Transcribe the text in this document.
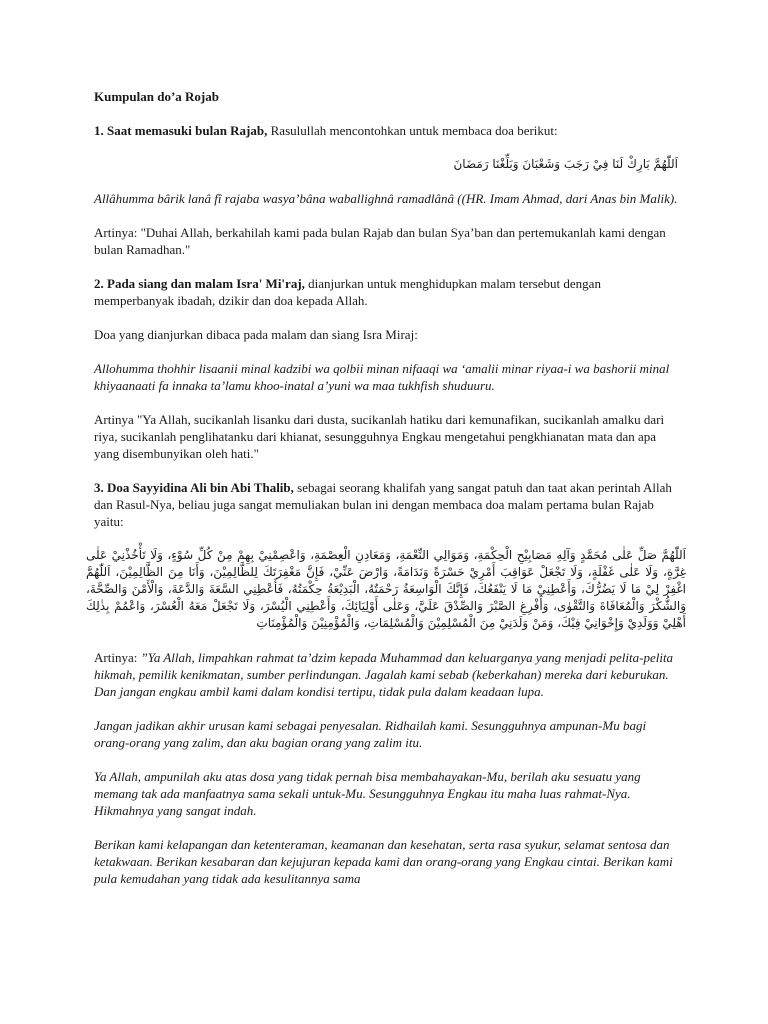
Kumpulan do’a Rojab

1. Saat memasuki bulan Rajab, Rasulullah mencontohkan untuk membaca doa berikut:

اَللّٰهُمَّ بَارِكْ لَنَا فِيْ رَجَبَ وَشَعْبَانَ وَبَلِّغْنَا رَمَضَانَ

Allâhumma bârik lanâ fî rajaba wasya’bâna waballighnâ ramadlânâ ((HR. Imam Ahmad, dari Anas bin Malik).

Artinya: "Duhai Allah, berkahilah kami pada bulan Rajab dan bulan Sya’ban dan pertemukanlah kami dengan bulan Ramadhan."

2. Pada siang dan malam Isra' Mi'raj, dianjurkan untuk menghidupkan malam tersebut dengan memperbanyak ibadah, dzikir dan doa kepada Allah.

Doa yang dianjurkan dibaca pada malam dan siang Isra Miraj:

Allohumma thohhir lisaanii minal kadzibi wa qolbii minan nifaaqi wa ‘amalii minar riyaa-i wa bashorii minal khiyaanaati fa innaka ta’lamu khoo-inatal a’yuni wa maa tukhfish shuduuru.

Artinya "Ya Allah, sucikanlah lisanku dari dusta, sucikanlah hatiku dari kemunafikan, sucikanlah amalku dari riya, sucikanlah penglihatanku dari khianat, sesungguhnya Engkau mengetahui pengkhianatan mata dan apa yang disembunyikan oleh hati."

3. Doa Sayyidina Ali bin Abi Thalib, sebagai seorang khalifah yang sangat patuh dan taat akan perintah Allah dan Rasul-Nya, beliau juga sangat memuliakan bulan ini dengan membaca doa malam pertama bulan Rajab yaitu:

اَللّٰهُمَّ صَلِّ عَلٰى مُحَمَّدٍ وَآلِهِ مَصَابِيْحِ الْحِكْمَةِ، وَمَوَالِي النِّعْمَةِ، وَمَعَادِنِ الْعِصْمَةِ، وَاعْصِمْنِيْ بِهِمْ مِنْ كُلِّ سُوْءٍ، وَلَا تَأْخُذْنِيْ عَلٰى غِرَّةٍ، وَلَا عَلٰى غَفْلَةٍ، وَلَا تَجْعَلْ عَوَاقِبَ أَمْرِيْ حَسْرَةً وَنَدَامَةً، وَارْضَ عَنِّيْ، فَإِنَّ مَغْفِرَتَكَ لِلظَّالِمِيْنَ، وَأَنَا مِنَ الظَّالِمِيْنَ، اَللّٰهُمَّ اغْفِرْ لِيْ مَا لَا يَضُرُّكَ، وَأَعْطِنِيْ مَا لَا يَنْفَعُكَ، فَإِنَّكَ الْوَاسِعَةُ رَحْمَتُهُ، الْبَدِيْعَةُ حِكْمَتُهُ، فَأَعْطِنِي السَّعَةَ وَالدَّعَةَ، وَالْأَمْنَ وَالصِّحَّةَ، وَالشُّكْرَ وَالْمُعَافَاةَ وَالتَّقْوٰى، وَأَفْرِغِ الصَّبْرَ وَالصِّدْقَ عَلَيَّ، وَعَلٰى أَوْلِيَائِكَ، وَأَعْطِنِي الْيُسْرَ، وَلَا تَجْعَلْ مَعَهُ الْعُسْرَ، وَاعْمُمْ بِذٰلِكَ أَهْلِيْ وَوَلَدِيْ وَإِخْوَانِيْ فِيْكَ، وَمَنْ وَلَدَنِيْ مِنَ الْمُسْلِمِيْنَ وَالْمُسْلِمَاتِ، وَالْمُؤْمِنِيْنَ وَالْمُؤْمِنَاتِ

Artinya: ”Ya Allah, limpahkan rahmat ta’dzim kepada Muhammad dan keluarganya yang menjadi pelita-pelita hikmah, pemilik kenikmatan, sumber perlindungan. Jagalah kami sebab (keberkahan) mereka dari keburukan. Dan jangan engkau ambil kami dalam kondisi tertipu, tidak pula dalam keadaan lupa.

Jangan jadikan akhir urusan kami sebagai penyesalan. Ridhailah kami. Sesungguhnya ampunan-Mu bagi orang-orang yang zalim, dan aku bagian orang yang zalim itu.

Ya Allah, ampunilah aku atas dosa yang tidak pernah bisa membahayakan-Mu, berilah aku sesuatu yang memang tak ada manfaatnya sama sekali untuk-Mu. Sesungguhnya Engkau itu maha luas rahmat-Nya. Hikmahnya yang sangat indah.

Berikan kami kelapangan dan ketenteraman, keamanan dan kesehatan, serta rasa syukur, selamat sentosa dan ketakwaan. Berikan kesabaran dan kejujuran kepada kami dan orang-orang yang Engkau cintai. Berikan kami pula kemudahan yang tidak ada kesulitannya sama
